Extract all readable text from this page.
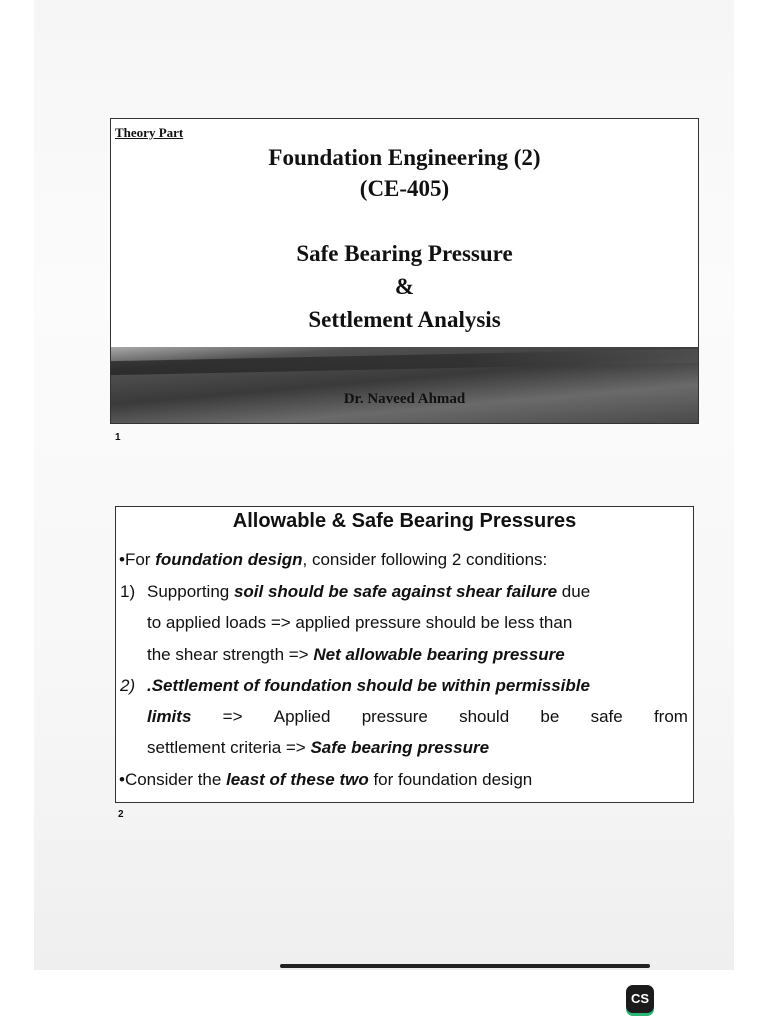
Theory Part
Foundation Engineering (2)
(CE-405)
Safe Bearing Pressure
&
Settlement Analysis
Dr. Naveed Ahmad
1
Allowable & Safe Bearing Pressures
•For foundation design, consider following 2 conditions:
1) Supporting soil should be safe against shear failure due
to applied loads => applied pressure should be less than
the shear strength => Net allowable bearing pressure
2) .Settlement of foundation should be within permissible
limits => Applied pressure should be safe from
settlement criteria => Safe bearing pressure
•Consider the least of these two for foundation design
2
CS
